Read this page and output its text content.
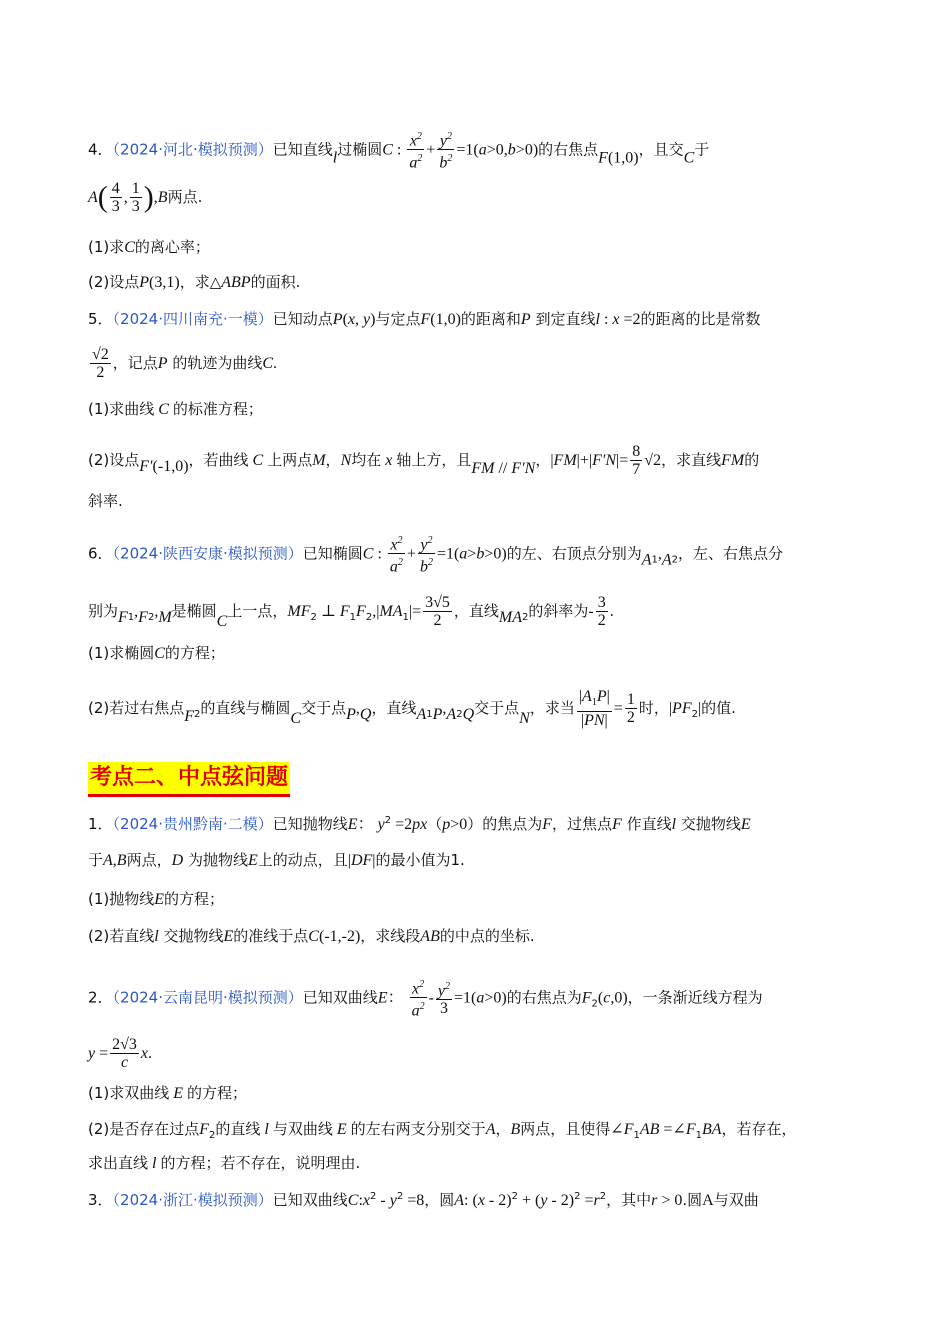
4．（2024·河北·模拟预测）已知直线l过椭圆C : $\frac{x^2}{a^2} + \frac{y^2}{b^2} =1(a>0,b>0)$的右焦点F(1,0)，且交C于
$A( \frac{4}{3}$ , $\frac{1}{3} ),B$两点.
(1)求C的离心率；
(2)设点P(3,1)，求△ABP的面积.
5．（2024·四川南充·一模）已知动点P(x, y)与定点F(1,0)的距离和P 到定直线l : x =2的距离的比是常数
$\frac{√2}{2}$ ，记点P 的轨迹为曲线C.
(1)求曲线 C 的标准方程；
(2)设点F′(-1,0)，若曲线 C 上两点M，N均在 x 轴上方，且FM // F′N，$|FM|+|F'N|= \frac{8}{7} √2$，求直线FM的
斜率.
6．（2024·陕西安康·模拟预测）已知椭圆C : $\frac{x^2}{a^2} + \frac{y^2}{b^2} =1(a>b>0)$的左、右顶点分别为$A_1,A_2$，左、右焦点分
别为$F_1,F_2,M$是椭圆C上一点，$MF_2$ ⊥ $F_1F_2,|MA_1|= \frac{3√5}{2}$ ，直线$MA_2$的斜率为- $\frac{3}{2}$ .
(1)求椭圆C的方程；
(2)若过右焦点$F_2$的直线与椭圆C交于点P,Q，直线$A_1P,A_2Q$交于点N，求当 $\frac{|A_1P|}{|PN|} = \frac{1}{2}$ 时，$|PF_2|$的值.
考点二、中点弦问题
1．（2024·贵州黔南·二模）已知抛物线E： $y^2 =2px(p>0)$的焦点为F，过焦点F 作直线l 交抛物线E
于A,B两点，D 为抛物线E上的动点，且|DF|的最小值为1.
(1)抛物线E的方程；
(2)若直线l 交抛物线E的准线于点C(-1,-2)，求线段AB的中点的坐标.
2．（2024·云南昆明·模拟预测）已知双曲线E： $\frac{x^2}{a^2} - \frac{y^2}{3} =1(a>0)$的右焦点为$F_2(c,0)$，一条渐近线方程为
$y = \frac{2√3}{c} x$.
(1)求双曲线 E 的方程；
(2)是否存在过点$F_2$的直线 l 与双曲线 E 的左右两支分别交于A，B两点，且使得$\angle F_1AB$ $=\angle F_1BA$，若存在，
求出直线 l 的方程；若不存在，说明理由.
3．（2024·浙江·模拟预测）已知双曲线$C:x^2 - y^2 =8$，圆A: $(x - 2)^2 + (y - 2)^2 =r^2$，其中r > 0.圆A与双曲
